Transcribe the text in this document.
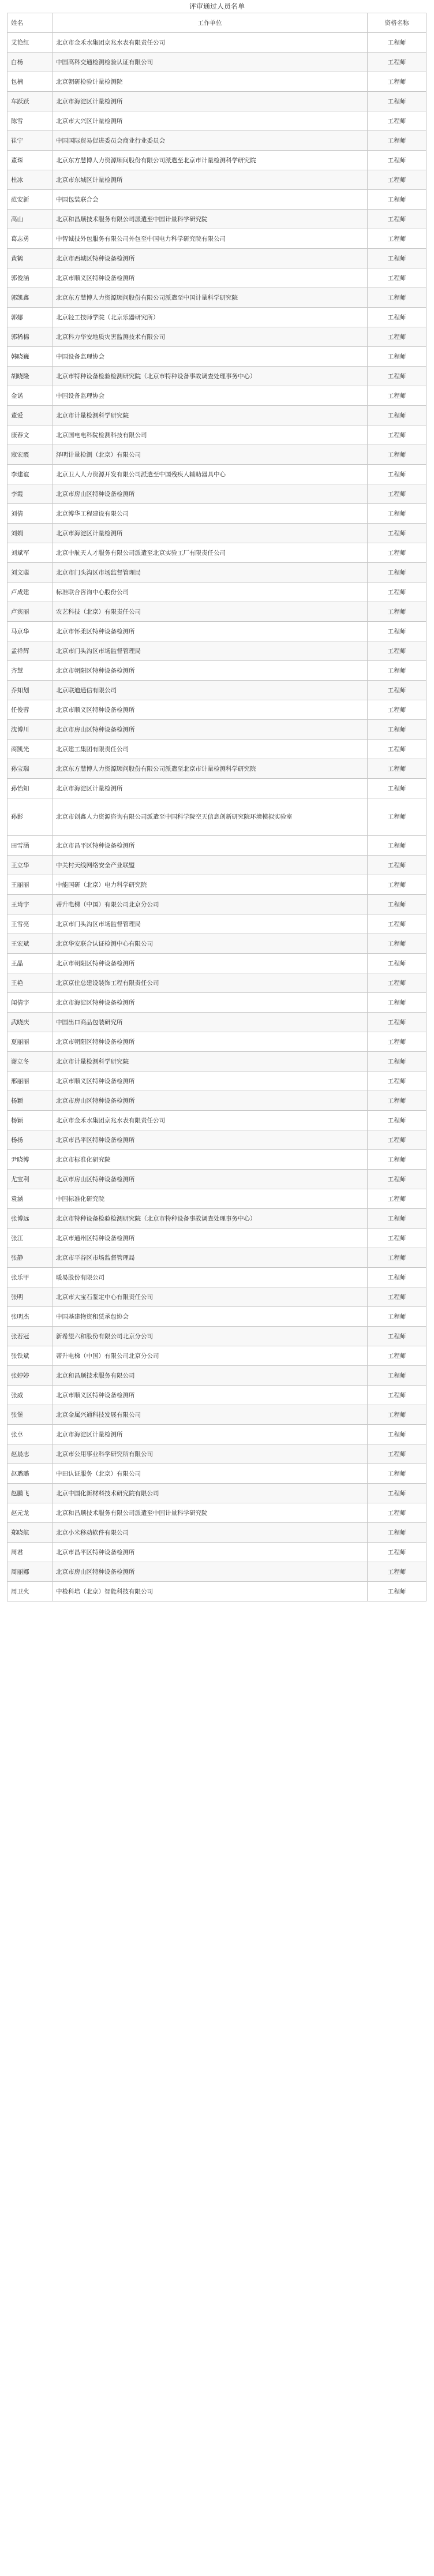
评审通过人员名单
姓名	工作单位	资格名称
艾艳红	北京市金禾水集团京兆水表有限责任公司	工程师
白杨	中国高科交通检测检验认证有限公司	工程师
包楠	北京朝研检验计量检测院	工程师
车跃跃	北京市海淀区计量检测所	工程师
陈雪	北京市大兴区计量检测所	工程师
崔宁	中国国际贸易促进委员会商业行业委员会	工程师
董琛	北京东方慧博人力资源顾问股份有限公司派遣至北京市计量检测科学研究院	工程师
杜冰	北京市东城区计量检测所	工程师
范安新	中国包装联合会	工程师
高山	北京和昌顺技术服务有限公司派遣至中国计量科学研究院	工程师
葛志勇	中智诚技外包服务有限公司外包至中国电力科学研究院有限公司	工程师
黄鹤	北京市西城区特种设备检测所	工程师
郭俊涵	北京市顺义区特种设备检测所	工程师
郭凯鑫	北京东方慧博人力资源顾问股份有限公司派遣至中国计量科学研究院	工程师
郭娜	北京轻工技师学院（北京乐器研究所）	工程师
郭稀棉	北京科力华安地质灾害监测技术有限公司	工程师
韩晓巍	中国设备监理协会	工程师
胡晓隆	北京市特种设备检验检测研究院（北京市特种设备事故调查处理事务中心）	工程师
金诺	中国设备监理协会	工程师
董爱	北京市计量检测科学研究院	工程师
康春文	北京国电电科院检测科技有限公司	工程师
寇宏霞	泽明计量检测（北京）有限公司	工程师
李建谊	北京卫人人力资源开发有限公司派遣至中国残疾人辅助器具中心	工程师
李霞	北京市房山区特种设备检测所	工程师
刘倩	北京博华工程建设有限公司	工程师
刘娟	北京市海淀区计量检测所	工程师
刘斌军	北京中航天人才服务有限公司派遣至北京实验工厂有限责任公司	工程师
刘文聪	北京市门头沟区市场监督管理局	工程师
卢成建	标准联合咨询中心股份公司	工程师
卢宾丽	农艺科技（北京）有限责任公司	工程师
马京华	北京市怀柔区特种设备检测所	工程师
孟祥辉	北京市门头沟区市场监督管理局	工程师
齐慧	北京市朝阳区特种设备检测所	工程师
乔知划	北京联迪通信有限公司	工程师
任俊蓉	北京市顺义区特种设备检测所	工程师
沈博川	北京市房山区特种设备检测所	工程师
商凯光	北京建工集团有限责任公司	工程师
孙宝瑞	北京东方慧博人力资源顾问股份有限公司派遣至北京市计量检测科学研究院	工程师
孙怡知	北京市海淀区计量检测所	工程师
孙影	北京市创鑫人力资源咨询有限公司派遣至中国科学院空天信息创新研究院环境模拟实验室	工程师
田雪涵	北京市昌平区特种设备检测所	工程师
王立华	中关村天线网络安全产业联盟	工程师
王丽丽	中能国研（北京）电力科学研究院	工程师
王琦宇	蒂升电梯（中国）有限公司北京分公司	工程师
王雪亮	北京市门头沟区市场监督管理局	工程师
王宏斌	北京华安联合认证检测中心有限公司	工程师
王晶	北京市朝阳区特种设备检测所	工程师
王艳	北京京住总建设装饰工程有限责任公司	工程师
闻倩宇	北京市海淀区特种设备检测所	工程师
武晓庆	中国出口商品包装研究所	工程师
夏丽丽	北京市朝阳区特种设备检测所	工程师
谢立冬	北京市计量检测科学研究院	工程师
邢丽丽	北京市顺义区特种设备检测所	工程师
杨颖	北京市房山区特种设备检测所	工程师
杨颖	北京市金禾水集团京兆水表有限责任公司	工程师
杨扬	北京市昌平区特种设备检测所	工程师
尹晓博	北京市标准化研究院	工程师
尤宝利	北京市房山区特种设备检测所	工程师
袁涵	中国标准化研究院	工程师
张博远	北京市特种设备检验检测研究院（北京市特种设备事故调查处理事务中心）	工程师
张江	北京市通州区特种设备检测所	工程师
张静	北京市平谷区市场监督管理局	工程师
张乐甲	暖易股份有限公司	工程师
张明	北京市大宝石鉴定中心有限责任公司	工程师
张明杰	中国基建物资租赁承包协会	工程师
张若冠	新希望六和股份有限公司北京分公司	工程师
张铁斌	蒂升电梯（中国）有限公司北京分公司	工程师
张婷婷	北京和昌顺技术服务有限公司	工程师
张威	北京市顺义区特种设备检测所	工程师
张堡	北京金属兴通科技发展有限公司	工程师
张卓	北京市海淀区计量检测所	工程师
赵晨志	北京市公用事业科学研究所有限公司	工程师
赵璐璐	中田认证服务（北京）有限公司	工程师
赵鹏飞	北京中国化新材料技术研究院有限公司	工程师
赵元龙	北京和昌顺技术服务有限公司派遣至中国计量科学研究院	工程师
郑晓航	北京小米移动软件有限公司	工程师
周君	北京市昌平区特种设备检测所	工程师
周丽娜	北京市房山区特种设备检测所	工程师
周卫火	中检科培（北京）智能科技有限公司	工程师
